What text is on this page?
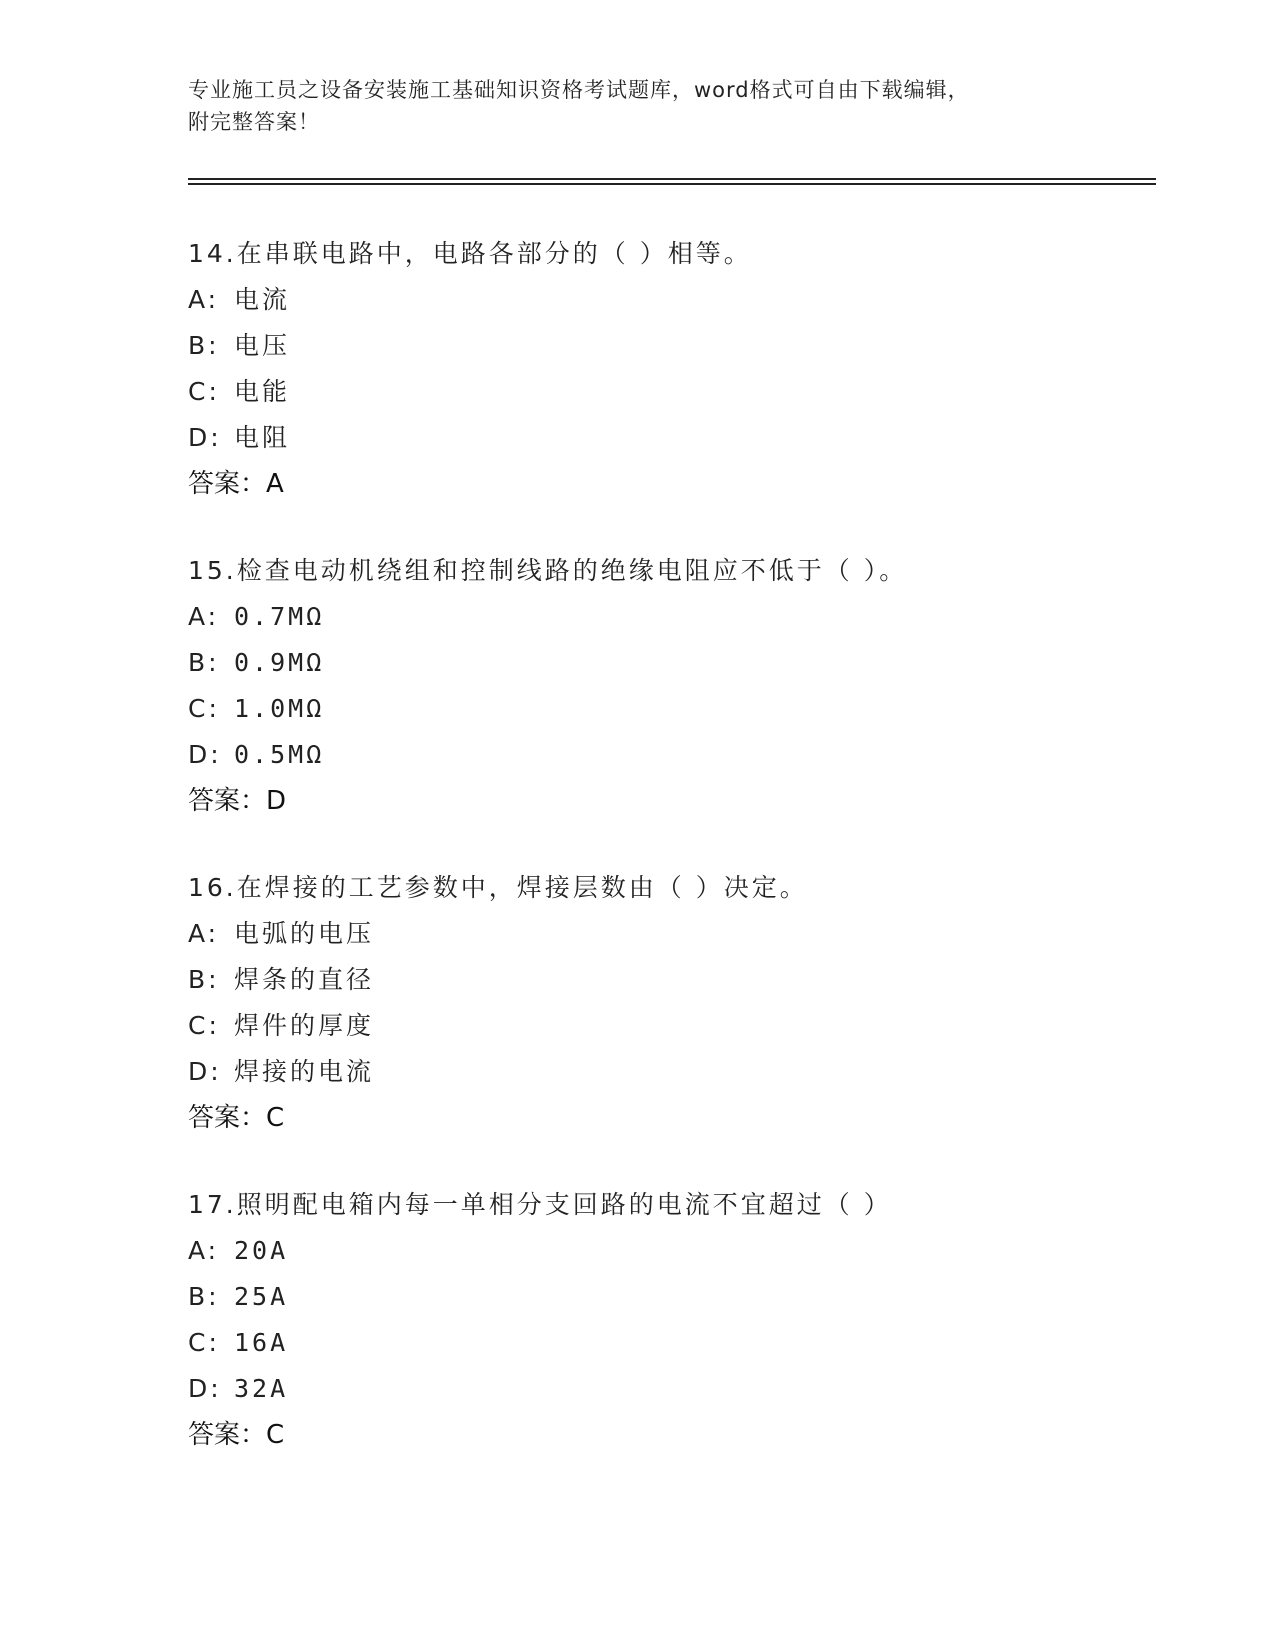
专业施工员之设备安装施工基础知识资格考试题库，word格式可自由下载编辑，
附完整答案！
14.在串联电路中，电路各部分的（ ）相等。
A: 电流
B: 电压
C: 电能
D: 电阻
答案：A
15.检查电动机绕组和控制线路的绝缘电阻应不低于（ ）。
A: 0.7MΩ
B: 0.9MΩ
C: 1.0MΩ
D: 0.5MΩ
答案：D
16.在焊接的工艺参数中，焊接层数由（ ）决定。
A: 电弧的电压
B: 焊条的直径
C: 焊件的厚度
D: 焊接的电流
答案：C
17.照明配电箱内每一单相分支回路的电流不宜超过（ ）
A: 20A
B: 25A
C: 16A
D: 32A
答案：C
